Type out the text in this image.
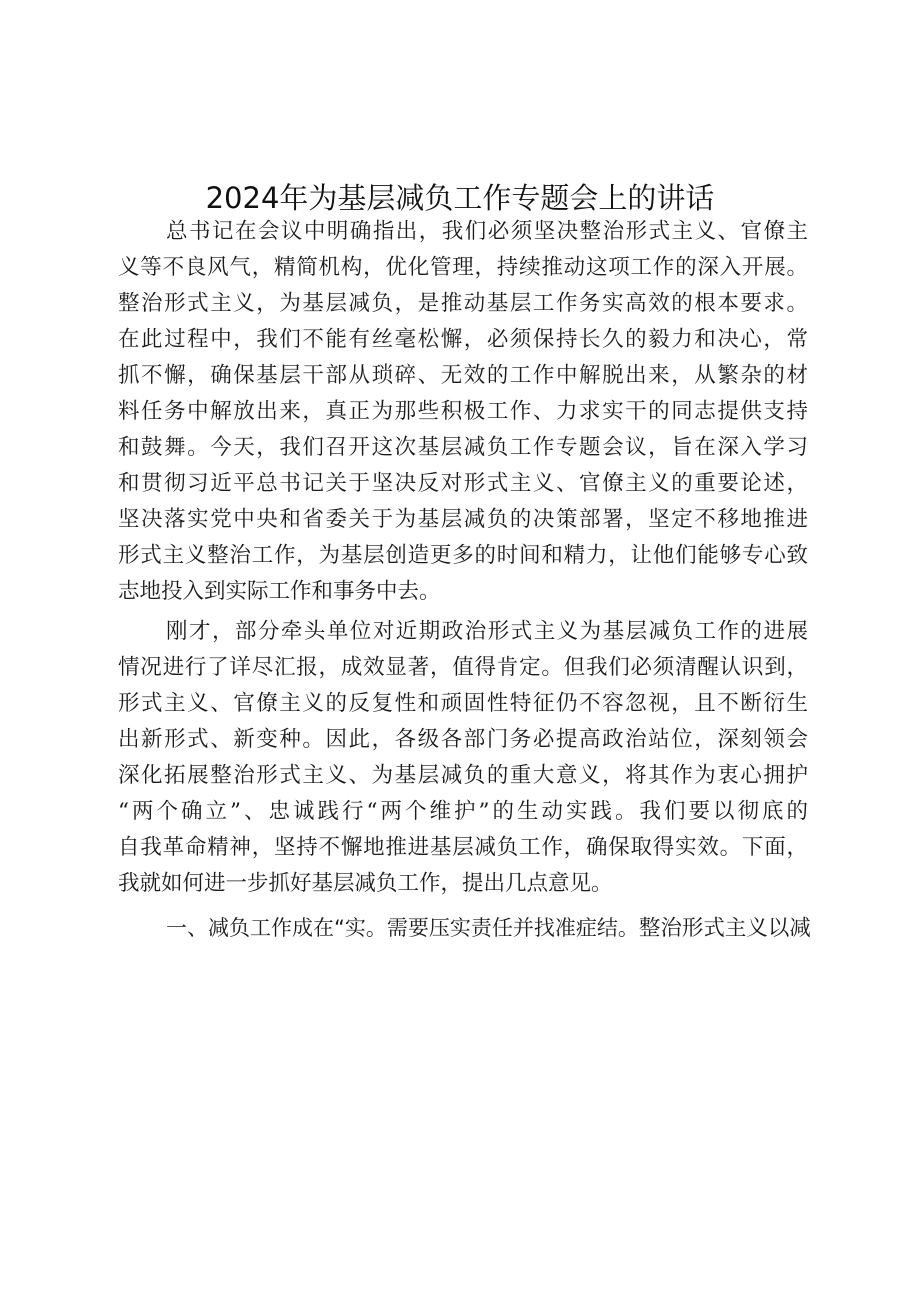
2024年为基层减负工作专题会上的讲话
总书记在会议中明确指出，我们必须坚决整治形式主义、官僚主
义等不良风气，精简机构，优化管理，持续推动这项工作的深入开展。
整治形式主义，为基层减负，是推动基层工作务实高效的根本要求。
在此过程中，我们不能有丝毫松懈，必须保持长久的毅力和决心，常
抓不懈，确保基层干部从琐碎、无效的工作中解脱出来，从繁杂的材
料任务中解放出来，真正为那些积极工作、力求实干的同志提供支持
和鼓舞。今天，我们召开这次基层减负工作专题会议，旨在深入学习
和贯彻习近平总书记关于坚决反对形式主义、官僚主义的重要论述，
坚决落实党中央和省委关于为基层减负的决策部署，坚定不移地推进
形式主义整治工作，为基层创造更多的时间和精力，让他们能够专心致
志地投入到实际工作和事务中去。
刚才，部分牵头单位对近期政治形式主义为基层减负工作的进展
情况进行了详尽汇报，成效显著，值得肯定。但我们必须清醒认识到，
形式主义、官僚主义的反复性和顽固性特征仍不容忽视，且不断衍生
出新形式、新变种。因此，各级各部门务必提高政治站位，深刻领会
深化拓展整治形式主义、为基层减负的重大意义，将其作为衷心拥护
“两个确立”、忠诚践行“两个维护”的生动实践。我们要以彻底的
自我革命精神，坚持不懈地推进基层减负工作，确保取得实效。下面，
我就如何进一步抓好基层减负工作，提出几点意见。
一、减负工作成在“实。需要压实责任并找准症结。整治形式主义以减
